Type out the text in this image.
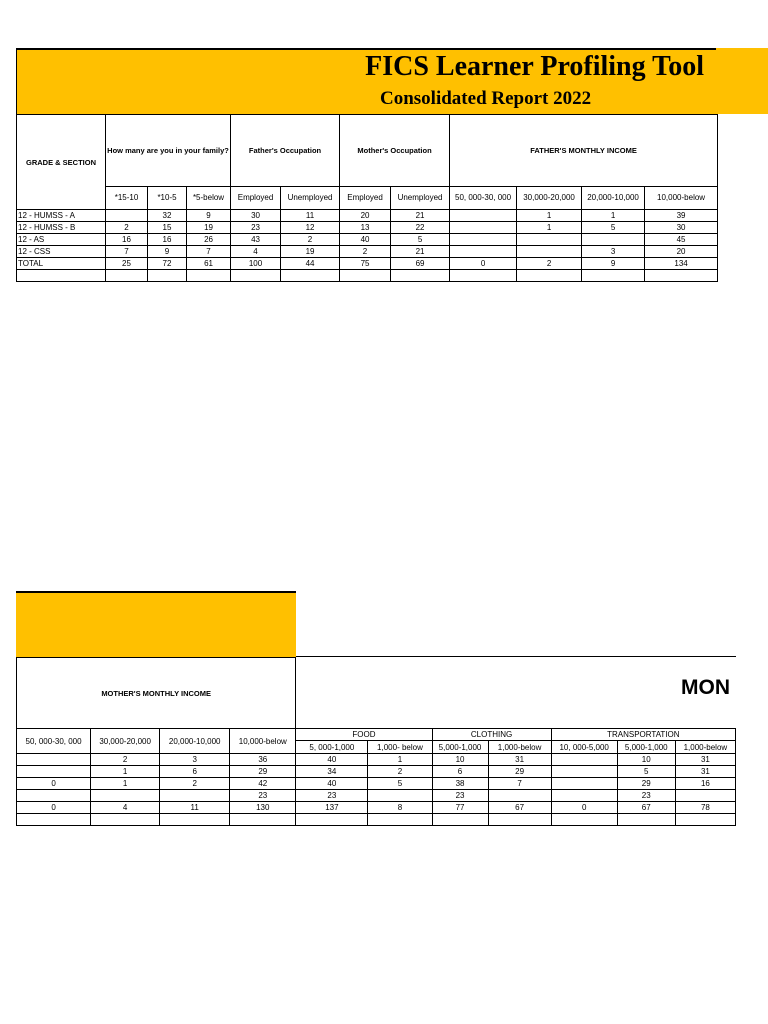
FICS Learner Profiling Tool
Consolidated Report 2022
GRADE & SECTION	How many are you in your family?			Father's Occupation		Mother's Occupation		FATHER'S MONTHLY INCOME			
	*15-10	*10-5	*5-below	Employed	Unemployed	Employed	Unemployed	50, 000-30, 000	30,000-20,000	20,000-10,000	10,000-below
12 - HUMSS - A		32	9	30	11	20	21		1	1	39
12 - HUMSS - B	2	15	19	23	12	13	22		1	5	30
12 - AS	16	16	26	43	2	40	5				45
12 - CSS	7	9	7	4	19	2	21			3	20
TOTAL	25	72	61	100	44	75	69	0	2	9	134

MOTHER'S MONTHLY INCOME										
50, 000-30, 000	30,000-20,000	20,000-10,000	10,000-below	FOOD		CLOTHING		TRANSPORTATION		
				5, 000-1,000	1,000- below	5,000-1,000	1,000-below	10, 000-5,000	5,000-1,000	1,000-below
	2	3	36	40	1	10	31		10	31
	1	6	29	34	2	6	29		5	31
0	1	2	42	40	5	38	7		29	16
			23	23		23			23	
0	4	11	130	137	8	77	67	0	67	78

MON
